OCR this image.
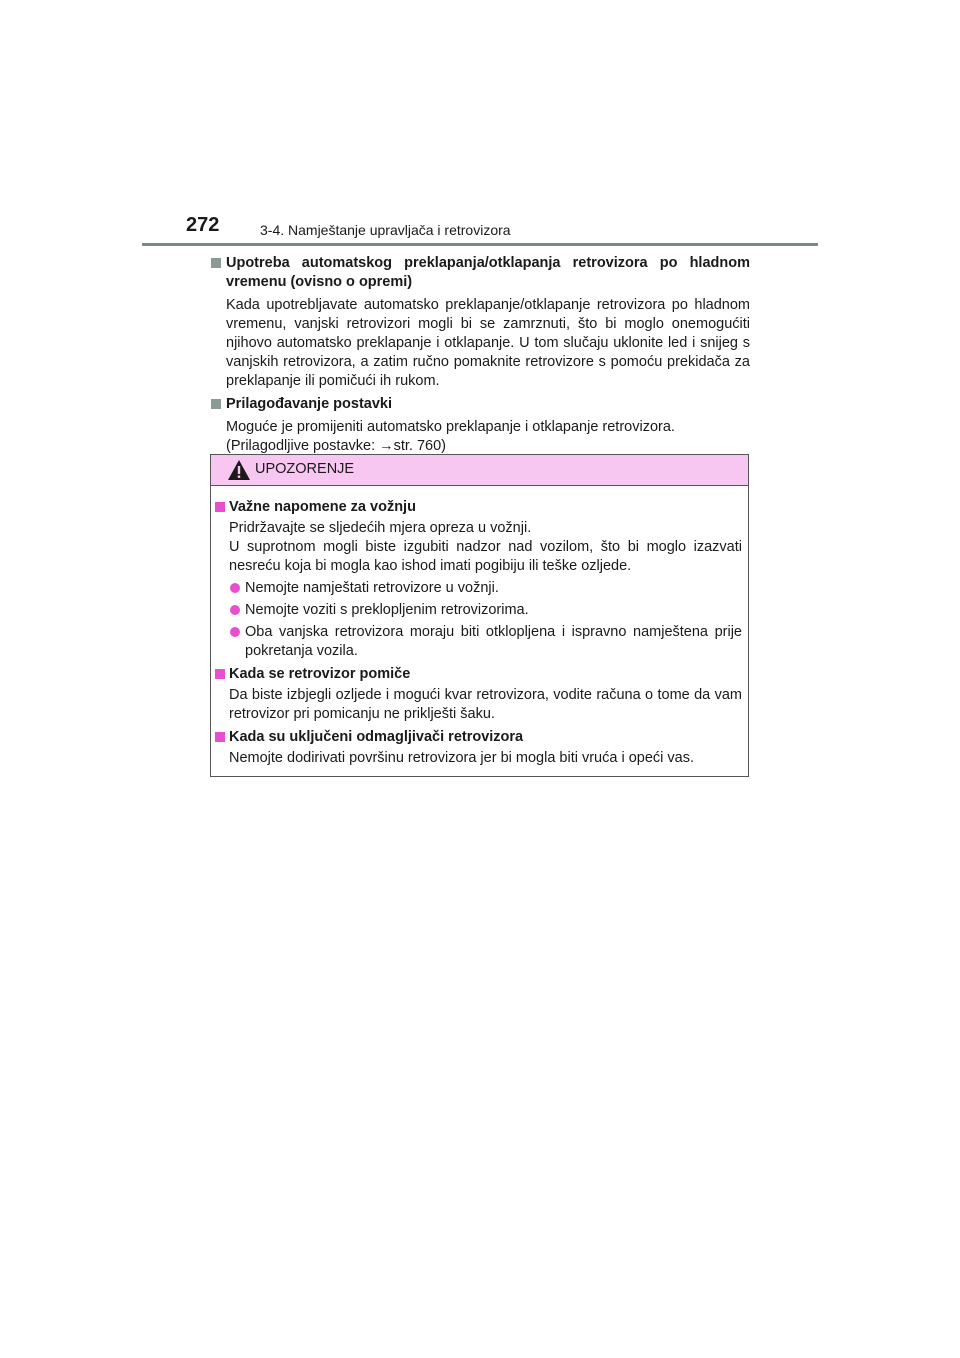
272	3-4. Namještanje upravljača i retrovizora
Upotreba automatskog preklapanja/otklapanja retrovizora po hladnom vremenu (ovisno o opremi)
Kada upotrebljavate automatsko preklapanje/otklapanje retrovizora po hladnom vremenu, vanjski retrovizori mogli bi se zamrznuti, što bi moglo onemogućiti njihovo automatsko preklapanje i otklapanje. U tom slučaju uklonite led i snijeg s vanjskih retrovizora, a zatim ručno pomaknite retrovizore s pomoću prekidača za preklapanje ili pomičući ih rukom.
Prilagođavanje postavki
Moguće je promijeniti automatsko preklapanje i otklapanje retrovizora.
(Prilagodljive postavke: →str. 760)
UPOZORENJE
Važne napomene za vožnju
Pridržavajte se sljedećih mjera opreza u vožnji.
U suprotnom mogli biste izgubiti nadzor nad vozilom, što bi moglo izazvati nesreću koja bi mogla kao ishod imati pogibiju ili teške ozljede.
Nemojte namještati retrovizore u vožnji.
Nemojte voziti s preklopljenim retrovizorima.
Oba vanjska retrovizora moraju biti otklopljena i ispravno namještena prije pokretanja vozila.
Kada se retrovizor pomiče
Da biste izbjegli ozljede i mogući kvar retrovizora, vodite računa o tome da vam retrovizor pri pomicanju ne priklješti šaku.
Kada su uključeni odmagljivači retrovizora
Nemojte dodirivati površinu retrovizora jer bi mogla biti vruća i opeći vas.
